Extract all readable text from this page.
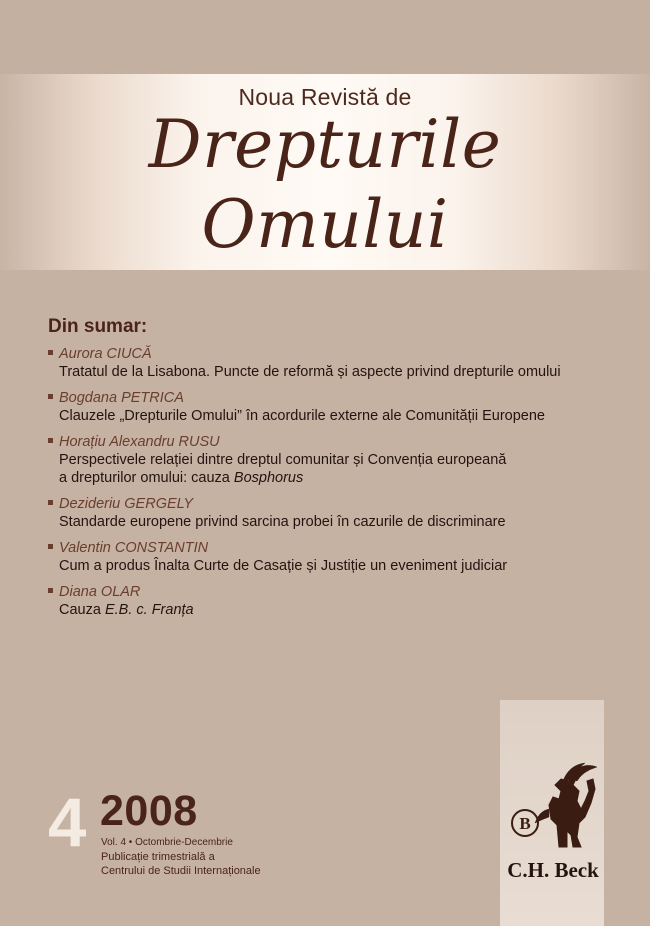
Noua Revistă de
Drepturile
Omului
Din sumar:
Aurora CIUCĂ
Tratatul de la Lisabona. Puncte de reformă și aspecte privind drepturile omului
Bogdana PETRICA
Clauzele „Drepturile Omului” în acordurile externe ale Comunității Europene
Horațiu Alexandru RUSU
Perspectivele relației dintre dreptul comunitar și Convenția europeană
a drepturilor omului: cauza Bosphorus
Dezideriu GERGELY
Standarde europene privind sarcina probei în cazurile de discriminare
Valentin CONSTANTIN
Cum a produs Înalta Curte de Casație și Justiție un eveniment judiciar
Diana OLAR
Cauza E.B. c. Franța
4 2008
Vol. 4 • Octombrie-Decembrie
Publicație trimestrială a
Centrului de Studii Internaționale
B
C.H. Beck
